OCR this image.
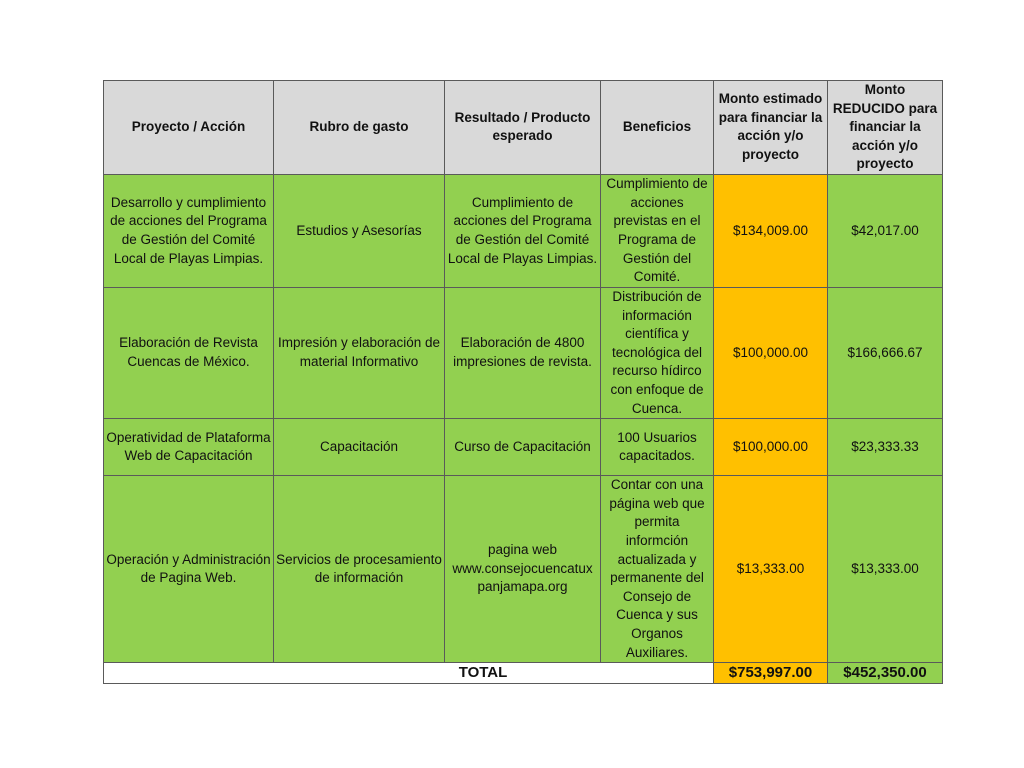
Proyecto / Acción	Rubro de gasto	Resultado / Producto esperado	Beneficios	Monto estimado para financiar la acción y/o proyecto	Monto REDUCIDO para financiar la acción y/o proyecto
Desarrollo y cumplimiento de acciones del Programa de Gestión del Comité Local de Playas Limpias.	Estudios y Asesorías	Cumplimiento de acciones del Programa de Gestión del Comité Local de Playas Limpias.	Cumplimiento de acciones previstas en el Programa de Gestión del Comité.	$134,009.00	$42,017.00
Elaboración de Revista Cuencas de México.	Impresión y elaboración de material Informativo	Elaboración de 4800 impresiones de revista.	Distribución de información científica y tecnológica del recurso hídirco con enfoque de Cuenca.	$100,000.00	$166,666.67
Operatividad de Plataforma Web de Capacitación	Capacitación	Curso de Capacitación	100 Usuarios capacitados.	$100,000.00	$23,333.33
Operación y Administración de Pagina Web.	Servicios de procesamiento de información	pagina web www.consejocuencatux panjamapa.org	Contar con una página web que permita informción actualizada y permanente del Consejo de Cuenca y sus Organos Auxiliares.	$13,333.00	$13,333.00
TOTAL				$753,997.00	$452,350.00
